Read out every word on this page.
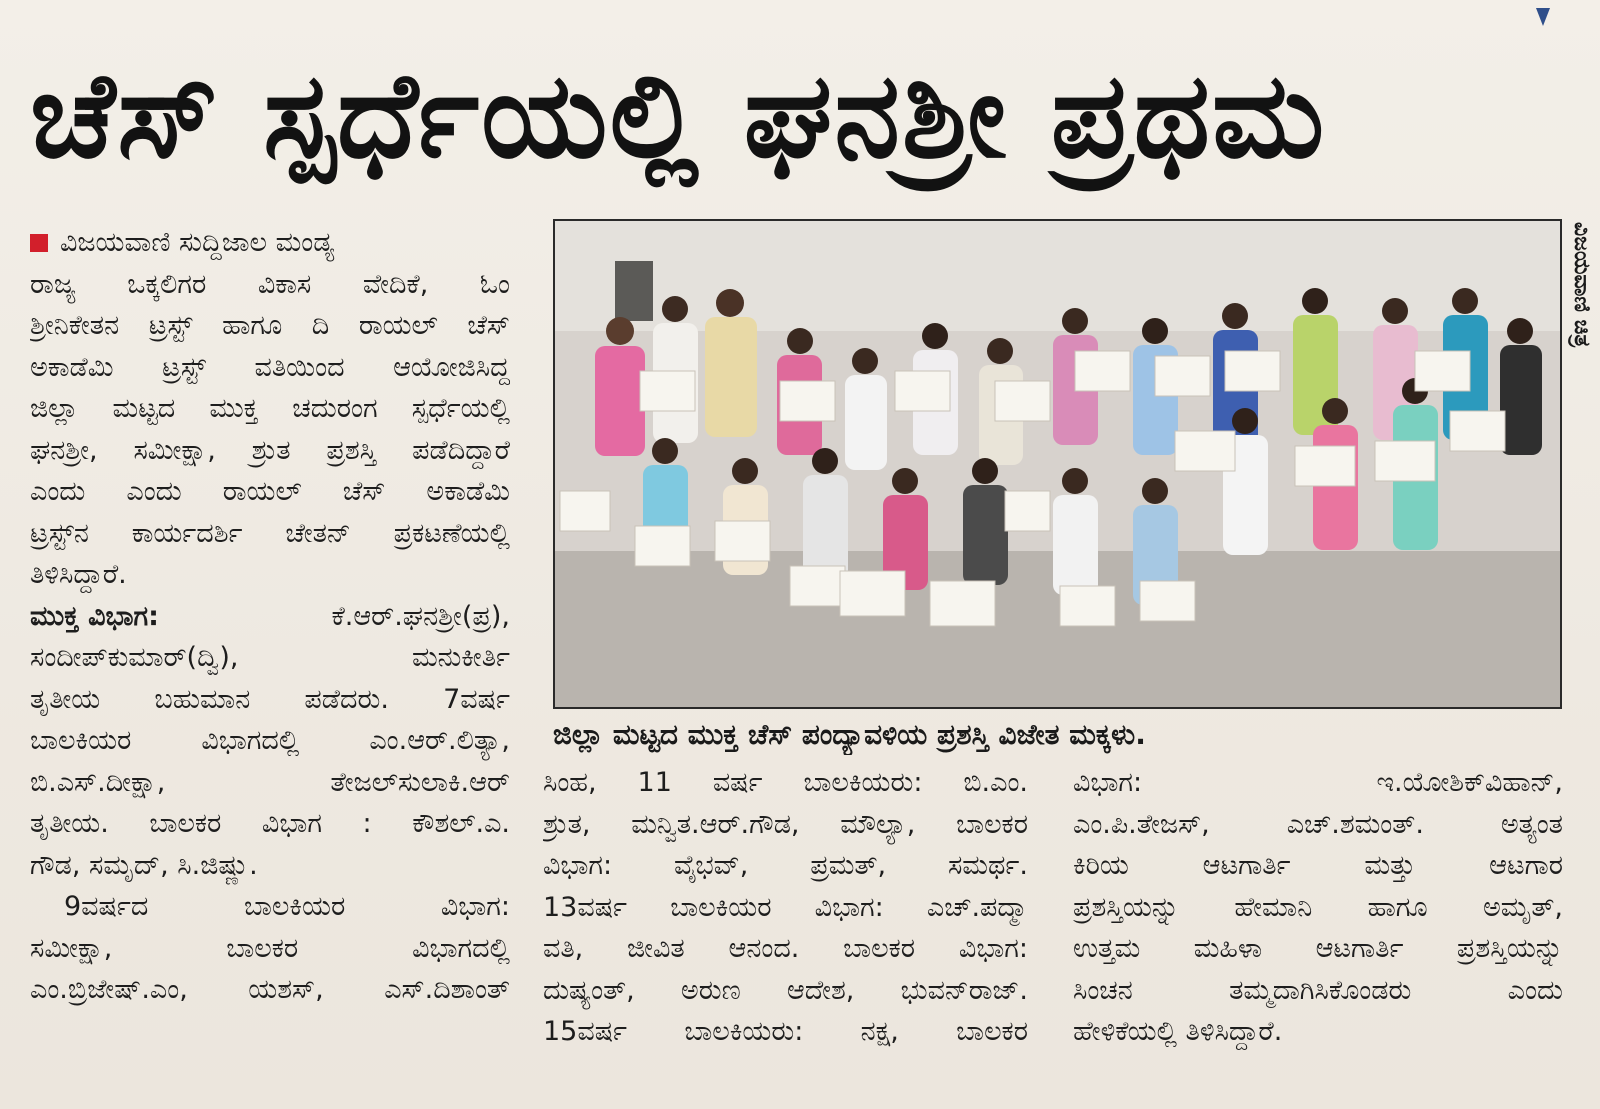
ಚೆಸ್ ಸ್ಪರ್ಧೆಯಲ್ಲಿ ಘನಶ್ರೀ ಪ್ರಥಮ
ವಿಜಯವಾಣಿ ಸುದ್ದಿಜಾಲ ಮಂಡ್ಯ
ರಾಜ್ಯ ಒಕ್ಕಲಿಗರ ವಿಕಾಸ ವೇದಿಕೆ, ಓಂ
ಶ್ರೀನಿಕೇತನ ಟ್ರಸ್ಟ್ ಹಾಗೂ ದಿ ರಾಯಲ್ ಚೆಸ್
ಅಕಾಡೆಮಿ ಟ್ರಸ್ಟ್ ವತಿಯಿಂದ ಆಯೋಜಿಸಿದ್ದ
ಜಿಲ್ಲಾ ಮಟ್ಟದ ಮುಕ್ತ ಚದುರಂಗ ಸ್ಪರ್ಧೆಯಲ್ಲಿ
ಘನಶ್ರೀ, ಸಮೀಕ್ಷಾ, ಶ್ರುತ ಪ್ರಶಸ್ತಿ ಪಡೆದಿದ್ದಾರೆ
ಎಂದು ಎಂದು ರಾಯಲ್ ಚೆಸ್ ಅಕಾಡೆಮಿ
ಟ್ರಸ್ಟ್‌ನ ಕಾರ್ಯದರ್ಶಿ ಚೇತನ್ ಪ್ರಕಟಣೆಯಲ್ಲಿ
ತಿಳಿಸಿದ್ದಾರೆ.
ಮುಕ್ತ ವಿಭಾಗ:	ಕೆ.ಆರ್.ಘನಶ್ರೀ(ಪ್ರ),
ಸಂದೀಪ್‌ಕುಮಾರ್(ದ್ವಿ), ಮನುಕೀರ್ತಿ
ತೃತೀಯ ಬಹುಮಾನ ಪಡೆದರು. 7ವರ್ಷ
ಬಾಲಕಿಯರ ವಿಭಾಗದಲ್ಲಿ ಎಂ.ಆರ್.ಲಿತ್ಯಾ,
ಬಿ.ಎಸ್.ದೀಕ್ಷಾ, ತೇಜಲ್‌ಸುಲಾಕಿ.ಆರ್
ತೃತೀಯ. ಬಾಲಕರ ವಿಭಾಗ : ಕೌಶಲ್.ಎ.
ಗೌಡ, ಸಮೃದ್, ಸಿ.ಜಿಷ್ಣು.
9ವರ್ಷದ ಬಾಲಕಿಯರ ವಿಭಾಗ:
ಸಮೀಕ್ಷಾ, ಬಾಲಕರ ವಿಭಾಗದಲ್ಲಿ
ಎಂ.ಬ್ರಿಜೇಷ್.ಎಂ, ಯಶಸ್, ಎಸ್.ದಿಶಾಂತ್
ವಿಜಯವಾಣಿ ಚಿತ್ರ
ಜಿಲ್ಲಾ ಮಟ್ಟದ ಮುಕ್ತ ಚೆಸ್ ಪಂದ್ಯಾವಳಿಯ ಪ್ರಶಸ್ತಿ ವಿಜೇತ ಮಕ್ಕಳು.
ಸಿಂಹ, 11 ವರ್ಷ ಬಾಲಕಿಯರು: ಬಿ.ಎಂ.
ಶ್ರುತ, ಮನ್ವಿತ.ಆರ್.ಗೌಡ, ಮೌಲ್ಯಾ, ಬಾಲಕರ
ವಿಭಾಗ: ವೈಭವ್, ಪ್ರಮತ್, ಸಮರ್ಥ.
13ವರ್ಷ ಬಾಲಕಿಯರ ವಿಭಾಗ: ಎಚ್.ಪದ್ಮಾ
ವತಿ, ಜೀವಿತ ಆನಂದ. ಬಾಲಕರ ವಿಭಾಗ:
ದುಷ್ಯಂತ್, ಅರುಣ ಆದೇಶ, ಭುವನ್‌ರಾಜ್.
15ವರ್ಷ ಬಾಲಕಿಯರು: ನಕ್ಷ, ಬಾಲಕರ
ವಿಭಾಗ: ಇ.ಯೋಶಿಕ್‌ವಿಹಾನ್,
ಎಂ.ಪಿ.ತೇಜಸ್, ಎಚ್.ಶಮಂತ್. ಅತ್ಯಂತ
ಕಿರಿಯ ಆಟಗಾರ್ತಿ ಮತ್ತು ಆಟಗಾರ
ಪ್ರಶಸ್ತಿಯನ್ನು ಹೇಮಾನಿ ಹಾಗೂ ಅಮೃತ್,
ಉತ್ತಮ ಮಹಿಳಾ ಆಟಗಾರ್ತಿ ಪ್ರಶಸ್ತಿಯನ್ನು
ಸಿಂಚನ ತಮ್ಮದಾಗಿಸಿಕೊಂಡರು ಎಂದು
ಹೇಳಿಕೆಯಲ್ಲಿ ತಿಳಿಸಿದ್ದಾರೆ.
